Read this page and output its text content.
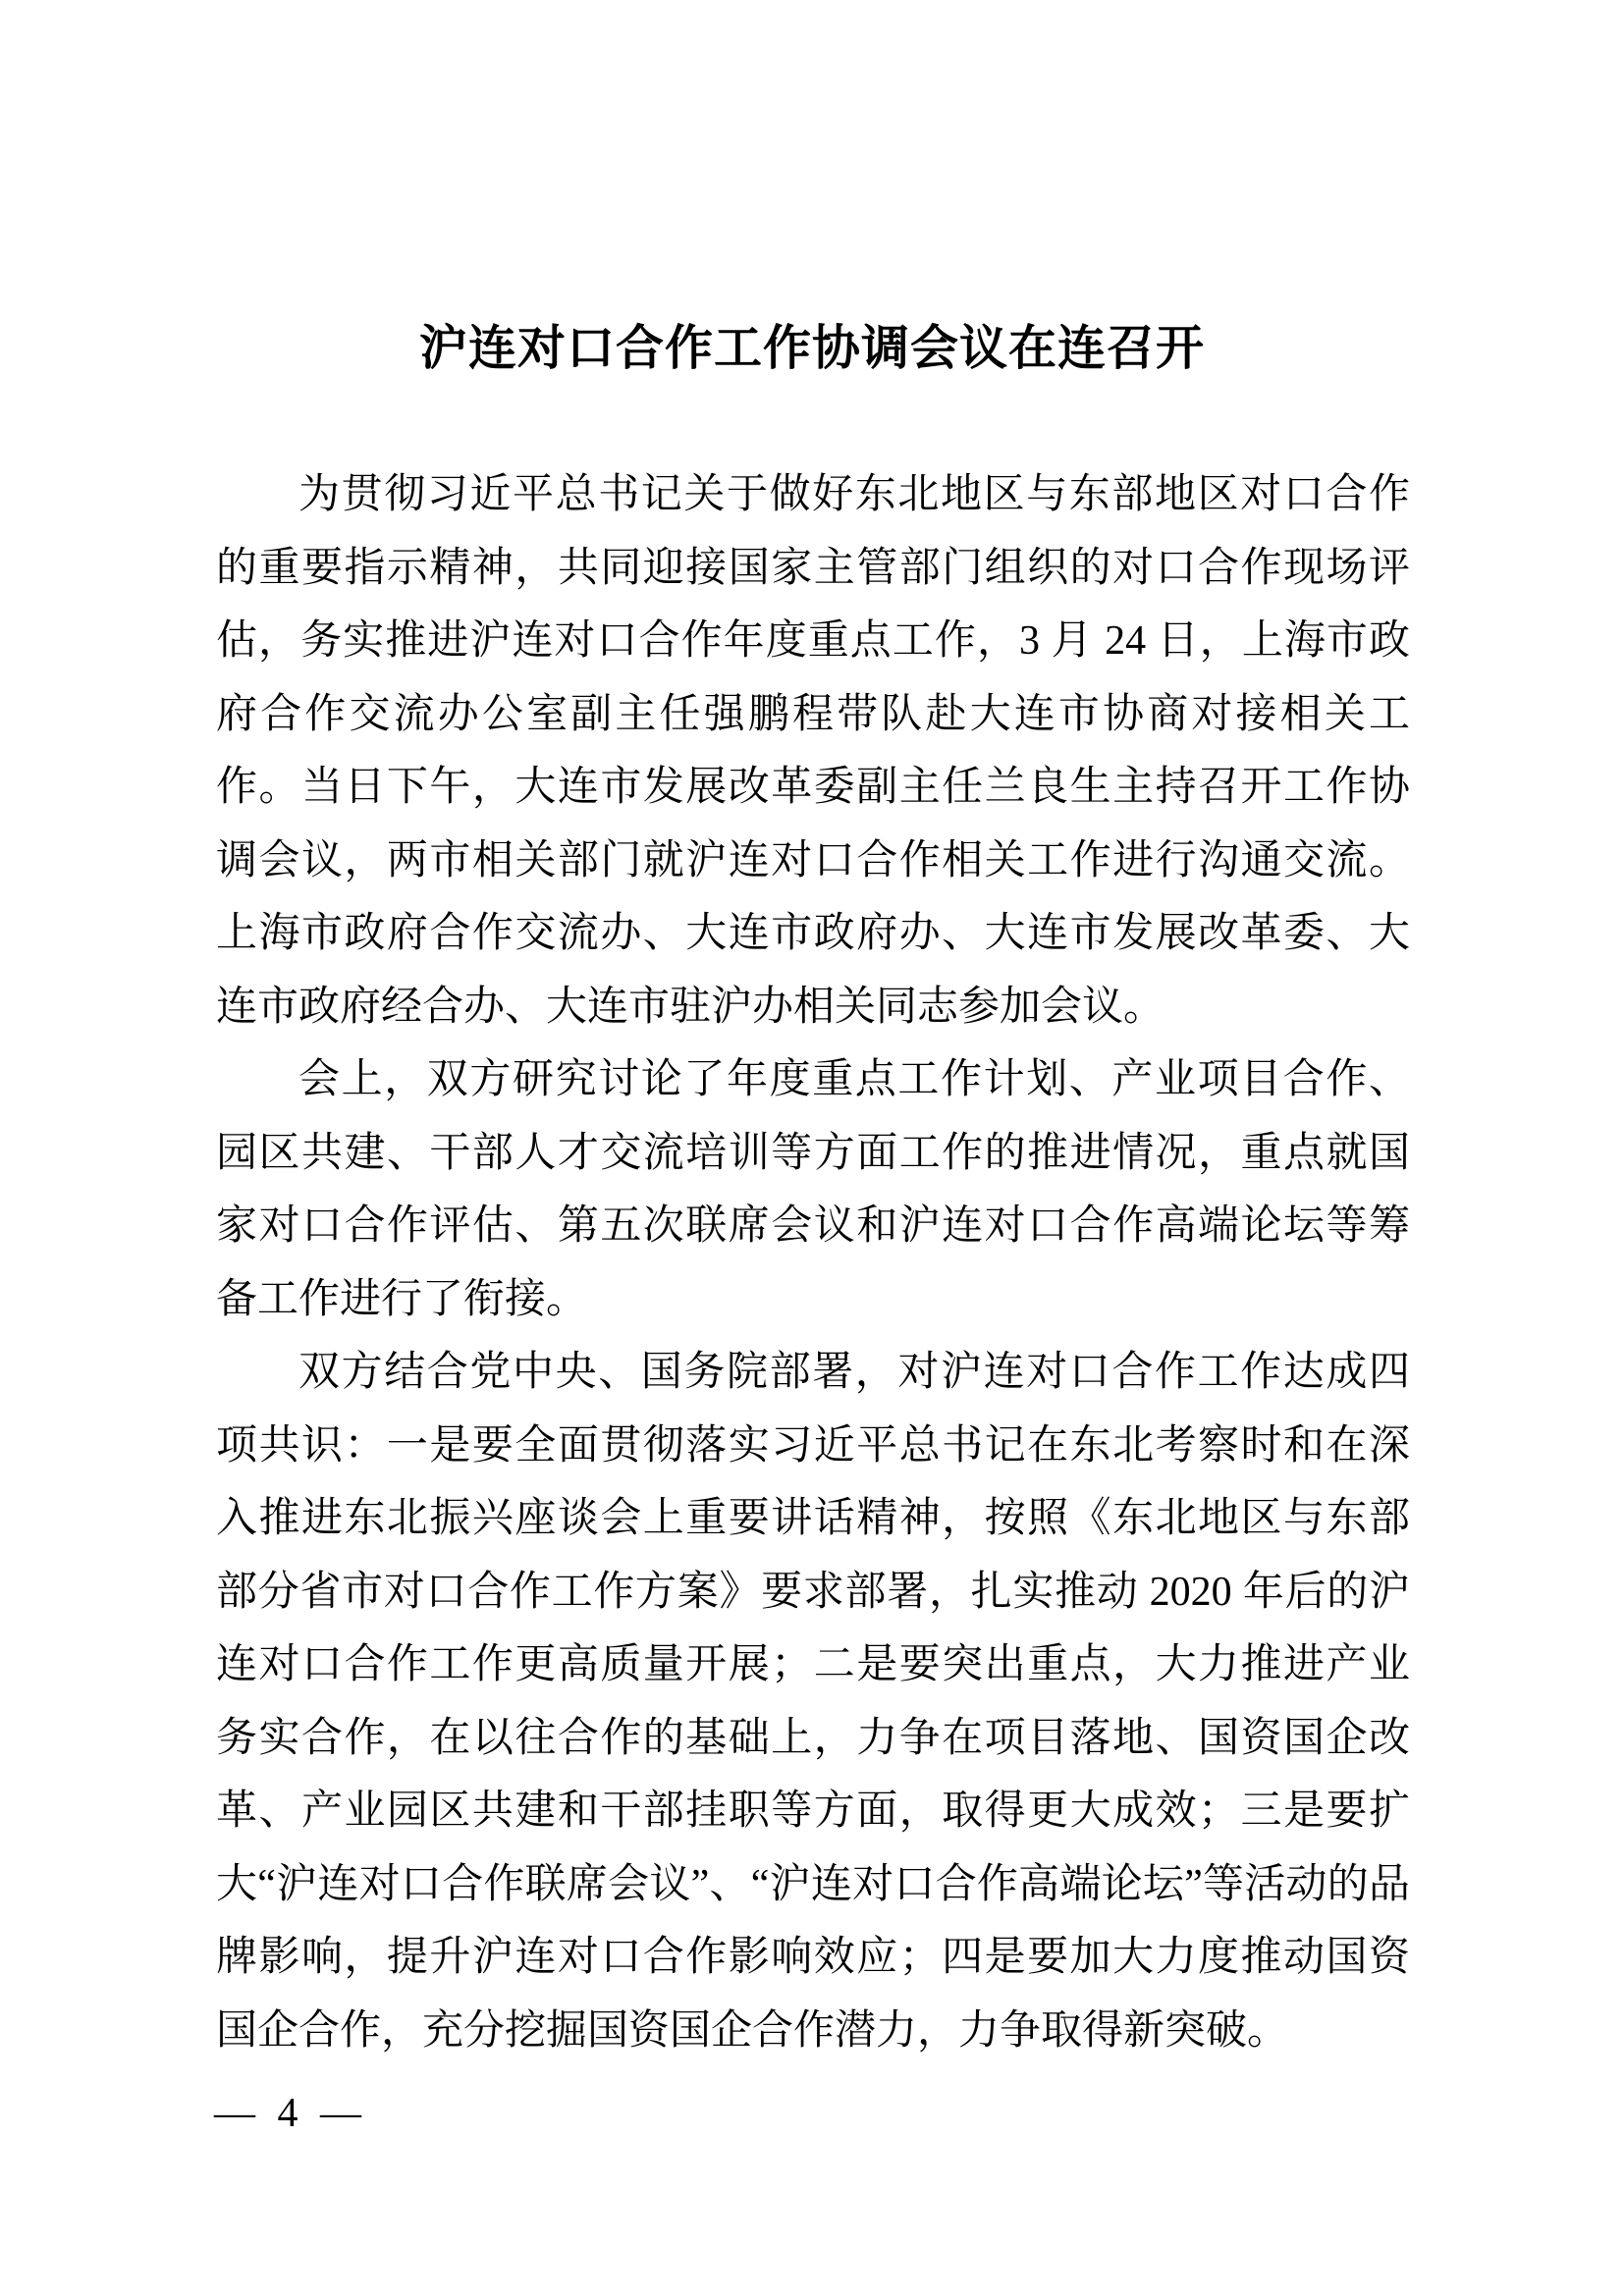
沪连对口合作工作协调会议在连召开

为贯彻习近平总书记关于做好东北地区与东部地区对口合作的重要指示精神，共同迎接国家主管部门组织的对口合作现场评估，务实推进沪连对口合作年度重点工作，3 月 24 日，上海市政府合作交流办公室副主任强鹏程带队赴大连市协商对接相关工作。当日下午，大连市发展改革委副主任兰良生主持召开工作协调会议，两市相关部门就沪连对口合作相关工作进行沟通交流。上海市政府合作交流办、大连市政府办、大连市发展改革委、大连市政府经合办、大连市驻沪办相关同志参加会议。

会上，双方研究讨论了年度重点工作计划、产业项目合作、园区共建、干部人才交流培训等方面工作的推进情况，重点就国家对口合作评估、第五次联席会议和沪连对口合作高端论坛等筹备工作进行了衔接。

双方结合党中央、国务院部署，对沪连对口合作工作达成四项共识：一是要全面贯彻落实习近平总书记在东北考察时和在深入推进东北振兴座谈会上重要讲话精神，按照《东北地区与东部部分省市对口合作工作方案》要求部署，扎实推动 2020 年后的沪连对口合作工作更高质量开展；二是要突出重点，大力推进产业务实合作，在以往合作的基础上，力争在项目落地、国资国企改革、产业园区共建和干部挂职等方面，取得更大成效；三是要扩大“沪连对口合作联席会议”、“沪连对口合作高端论坛”等活动的品牌影响，提升沪连对口合作影响效应；四是要加大力度推动国资国企合作，充分挖掘国资国企合作潜力，力争取得新突破。

— 4 —
